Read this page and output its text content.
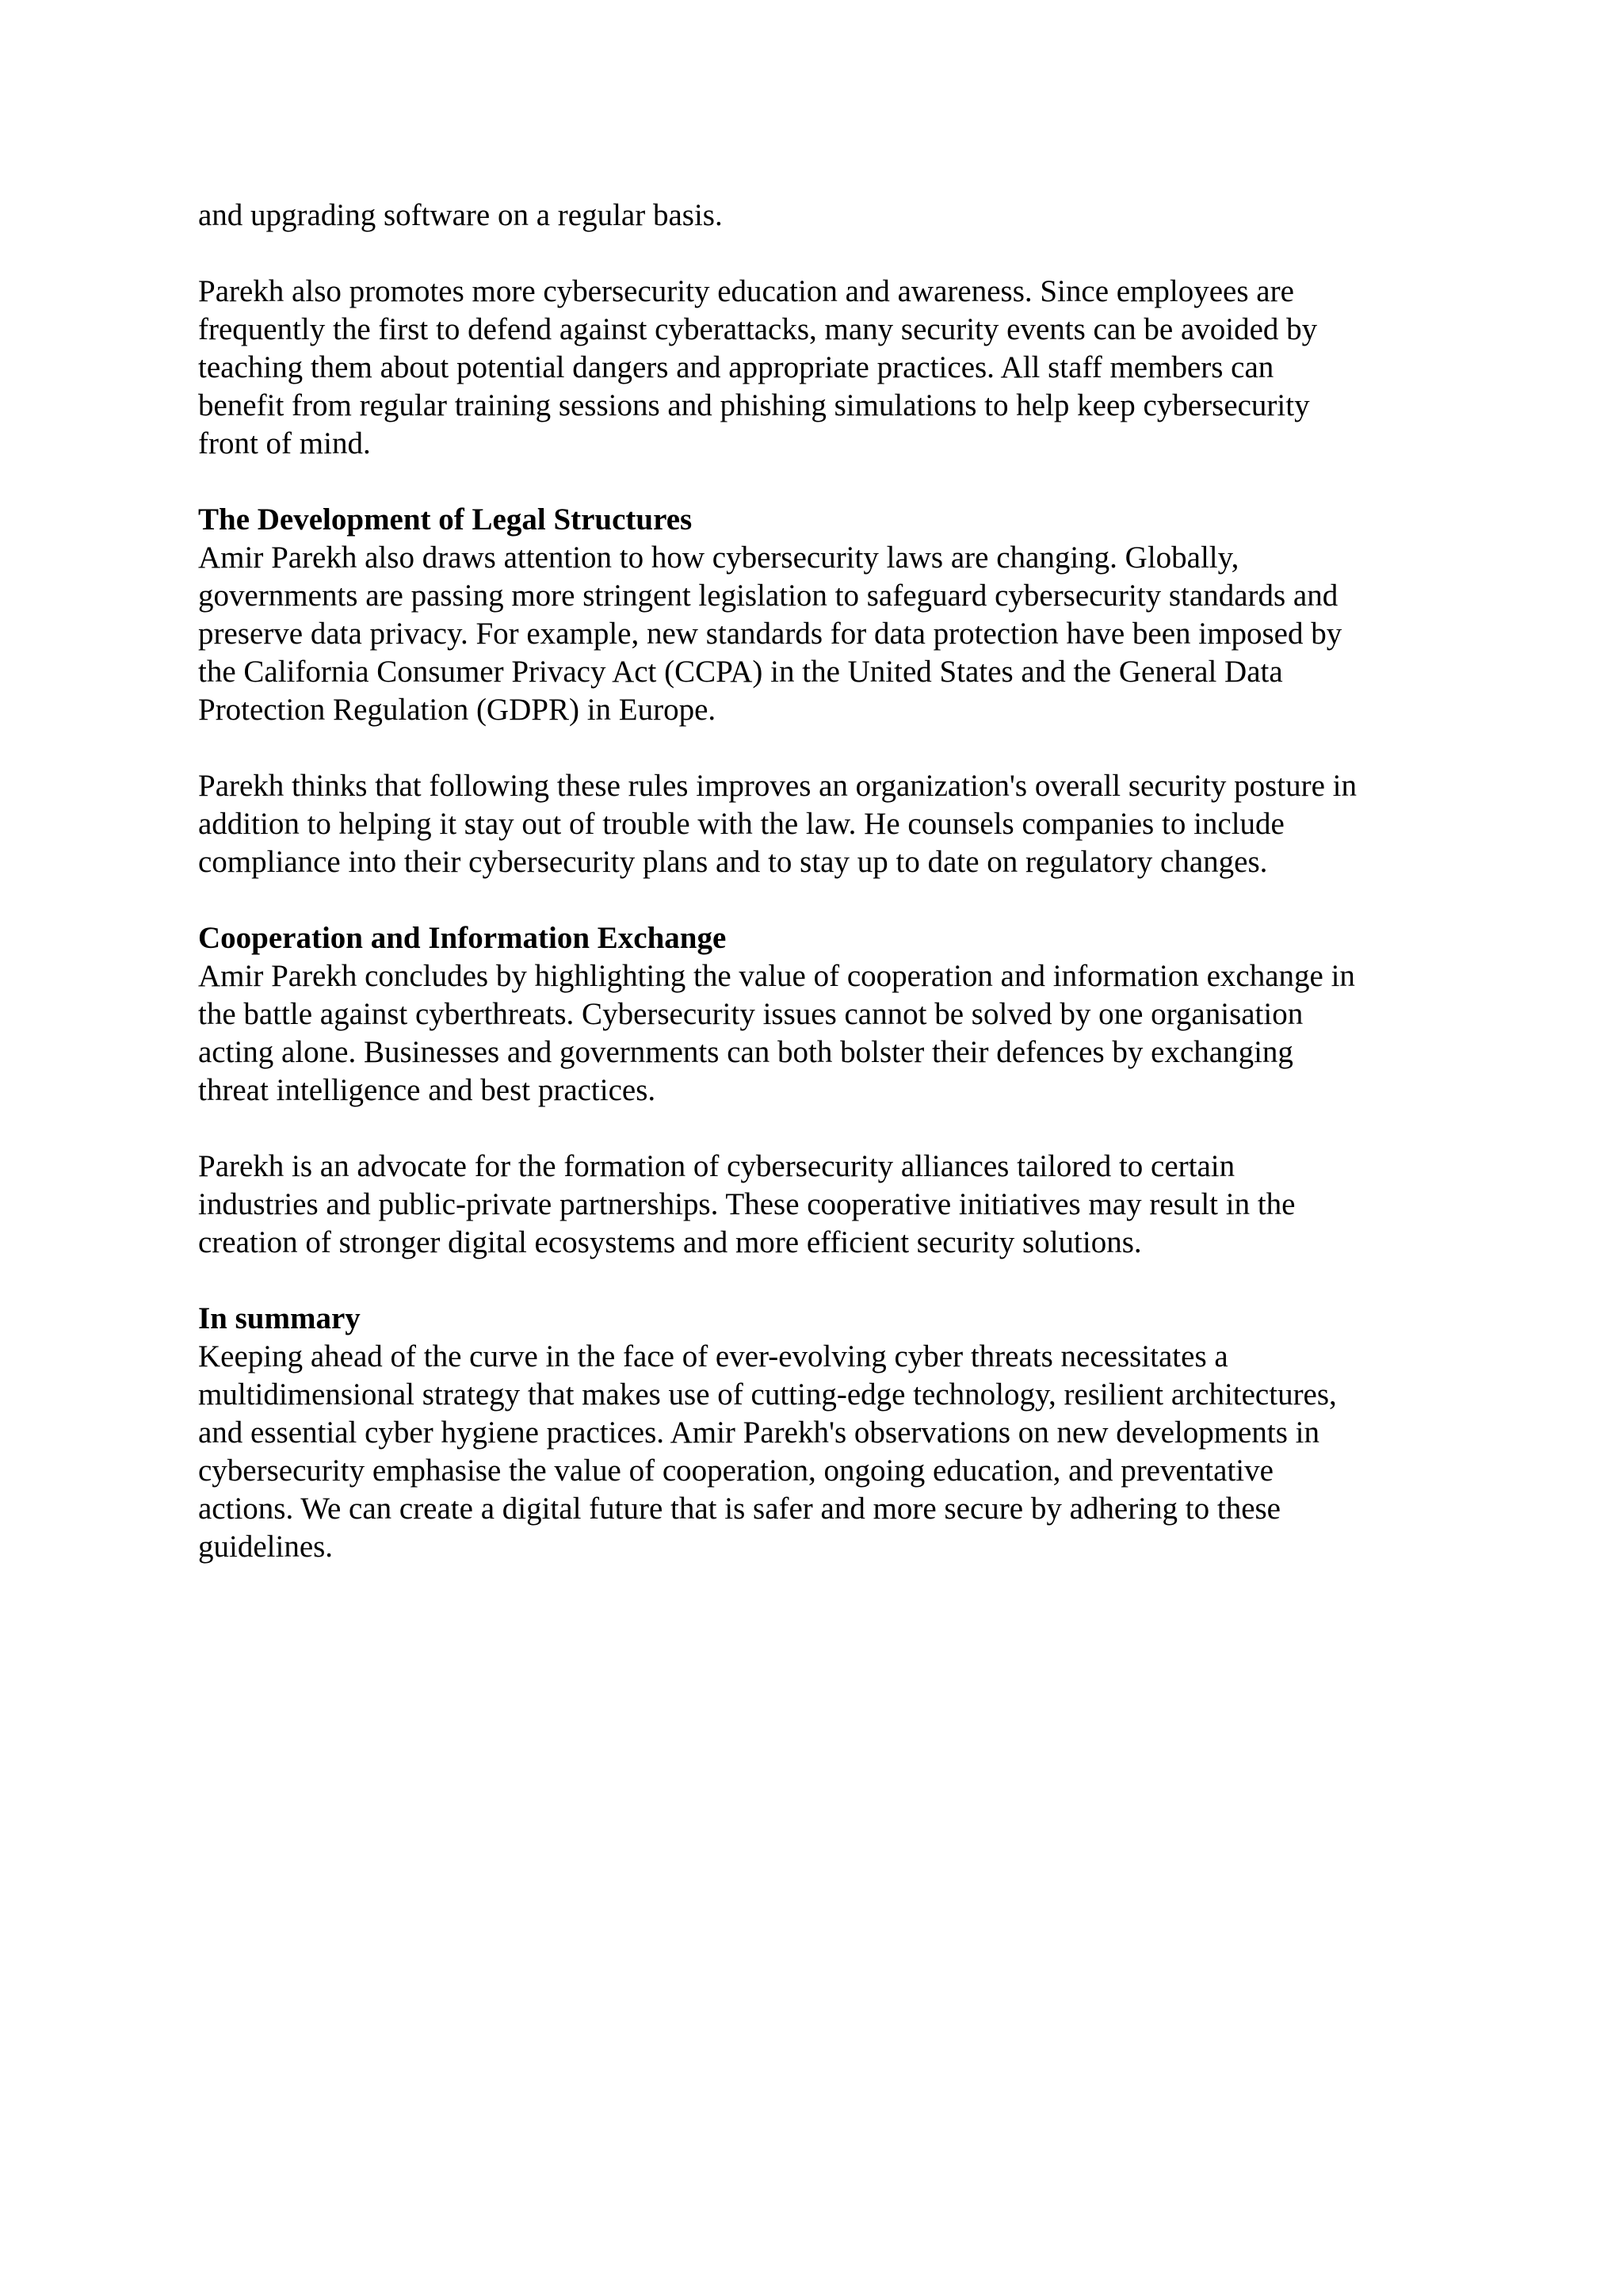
and upgrading software on a regular basis.
Parekh also promotes more cybersecurity education and awareness. Since employees are
frequently the first to defend against cyberattacks, many security events can be avoided by
teaching them about potential dangers and appropriate practices. All staff members can
benefit from regular training sessions and phishing simulations to help keep cybersecurity
front of mind.
The Development of Legal Structures
Amir Parekh also draws attention to how cybersecurity laws are changing. Globally,
governments are passing more stringent legislation to safeguard cybersecurity standards and
preserve data privacy. For example, new standards for data protection have been imposed by
the California Consumer Privacy Act (CCPA) in the United States and the General Data
Protection Regulation (GDPR) in Europe.
Parekh thinks that following these rules improves an organization's overall security posture in
addition to helping it stay out of trouble with the law. He counsels companies to include
compliance into their cybersecurity plans and to stay up to date on regulatory changes.
Cooperation and Information Exchange
Amir Parekh concludes by highlighting the value of cooperation and information exchange in
the battle against cyberthreats. Cybersecurity issues cannot be solved by one organisation
acting alone. Businesses and governments can both bolster their defences by exchanging
threat intelligence and best practices.
Parekh is an advocate for the formation of cybersecurity alliances tailored to certain
industries and public-private partnerships. These cooperative initiatives may result in the
creation of stronger digital ecosystems and more efficient security solutions.
In summary
Keeping ahead of the curve in the face of ever-evolving cyber threats necessitates a
multidimensional strategy that makes use of cutting-edge technology, resilient architectures,
and essential cyber hygiene practices. Amir Parekh's observations on new developments in
cybersecurity emphasise the value of cooperation, ongoing education, and preventative
actions. We can create a digital future that is safer and more secure by adhering to these
guidelines.
